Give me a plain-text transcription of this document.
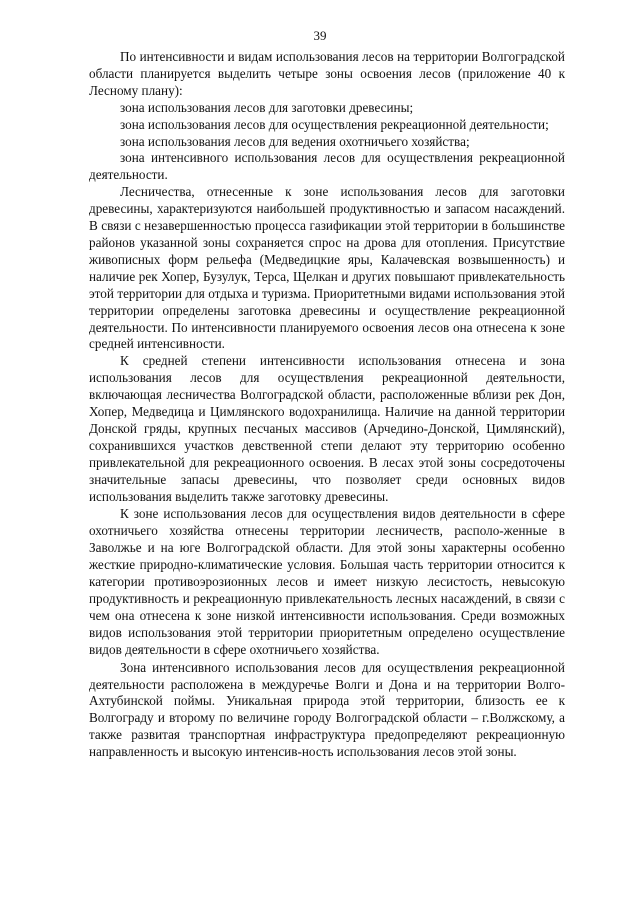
39

По интенсивности и видам использования лесов на территории Волгоградской области планируется выделить четыре зоны освоения лесов (приложение 40 к Лесному плану):

зона использования лесов для заготовки древесины;

зона использования лесов для осуществления рекреационной деятельности;

зона использования лесов для ведения охотничьего хозяйства;

зона интенсивного использования лесов для осуществления рекреационной деятельности.

Лесничества, отнесенные к зоне использования лесов для заготовки древесины, характеризуются наибольшей продуктивностью и запасом насаждений. В связи с незавершенностью процесса газификации этой территории в большинстве районов указанной зоны сохраняется спрос на дрова для отопления. Присутствие живописных форм рельефа (Медведицкие яры, Калачевская возвышенность) и наличие рек Хопер, Бузулук, Терса, Щелкан и других повышают привлекательность этой территории для отдыха и туризма. Приоритетными видами использования этой территории определены заготовка древесины и осуществление рекреационной деятельности. По интенсивности планируемого освоения лесов она отнесена к зоне средней интенсивности.

К средней степени интенсивности использования отнесена и зона использования лесов для осуществления рекреационной деятельности, включающая лесничества Волгоградской области, расположенные вблизи рек Дон, Хопер, Медведица и Цимлянского водохранилища. Наличие на данной территории Донской гряды, крупных песчаных массивов (Арчедино-Донской, Цимлянский), сохранившихся участков девственной степи делают эту территорию особенно привлекательной для рекреационного освоения. В лесах этой зоны сосредоточены значительные запасы древесины, что позволяет среди основных видов использования выделить также заготовку древесины.

К зоне использования лесов для осуществления видов деятельности в сфере охотничьего хозяйства отнесены территории лесничеств, располо-женные в Заволжье и на юге Волгоградской области. Для этой зоны характерны особенно жесткие природно-климатические условия. Большая часть территории относится к категории противоэрозионных лесов и имеет низкую лесистость, невысокую продуктивность и рекреационную привлекательность лесных насаждений, в связи с чем она отнесена к зоне низкой интенсивности использования. Среди возможных видов использования этой территории приоритетным определено осуществление видов деятельности в сфере охотничьего хозяйства.

Зона интенсивного использования лесов для осуществления рекреационной деятельности расположена в междуречье Волги и Дона и на территории Волго-Ахтубинской поймы. Уникальная природа этой территории, близость ее к Волгограду и второму по величине городу Волгоградской области – г.Волжскому, а также развитая транспортная инфраструктура предопределяют рекреационную направленность и высокую интенсив-ность использования лесов этой зоны.
